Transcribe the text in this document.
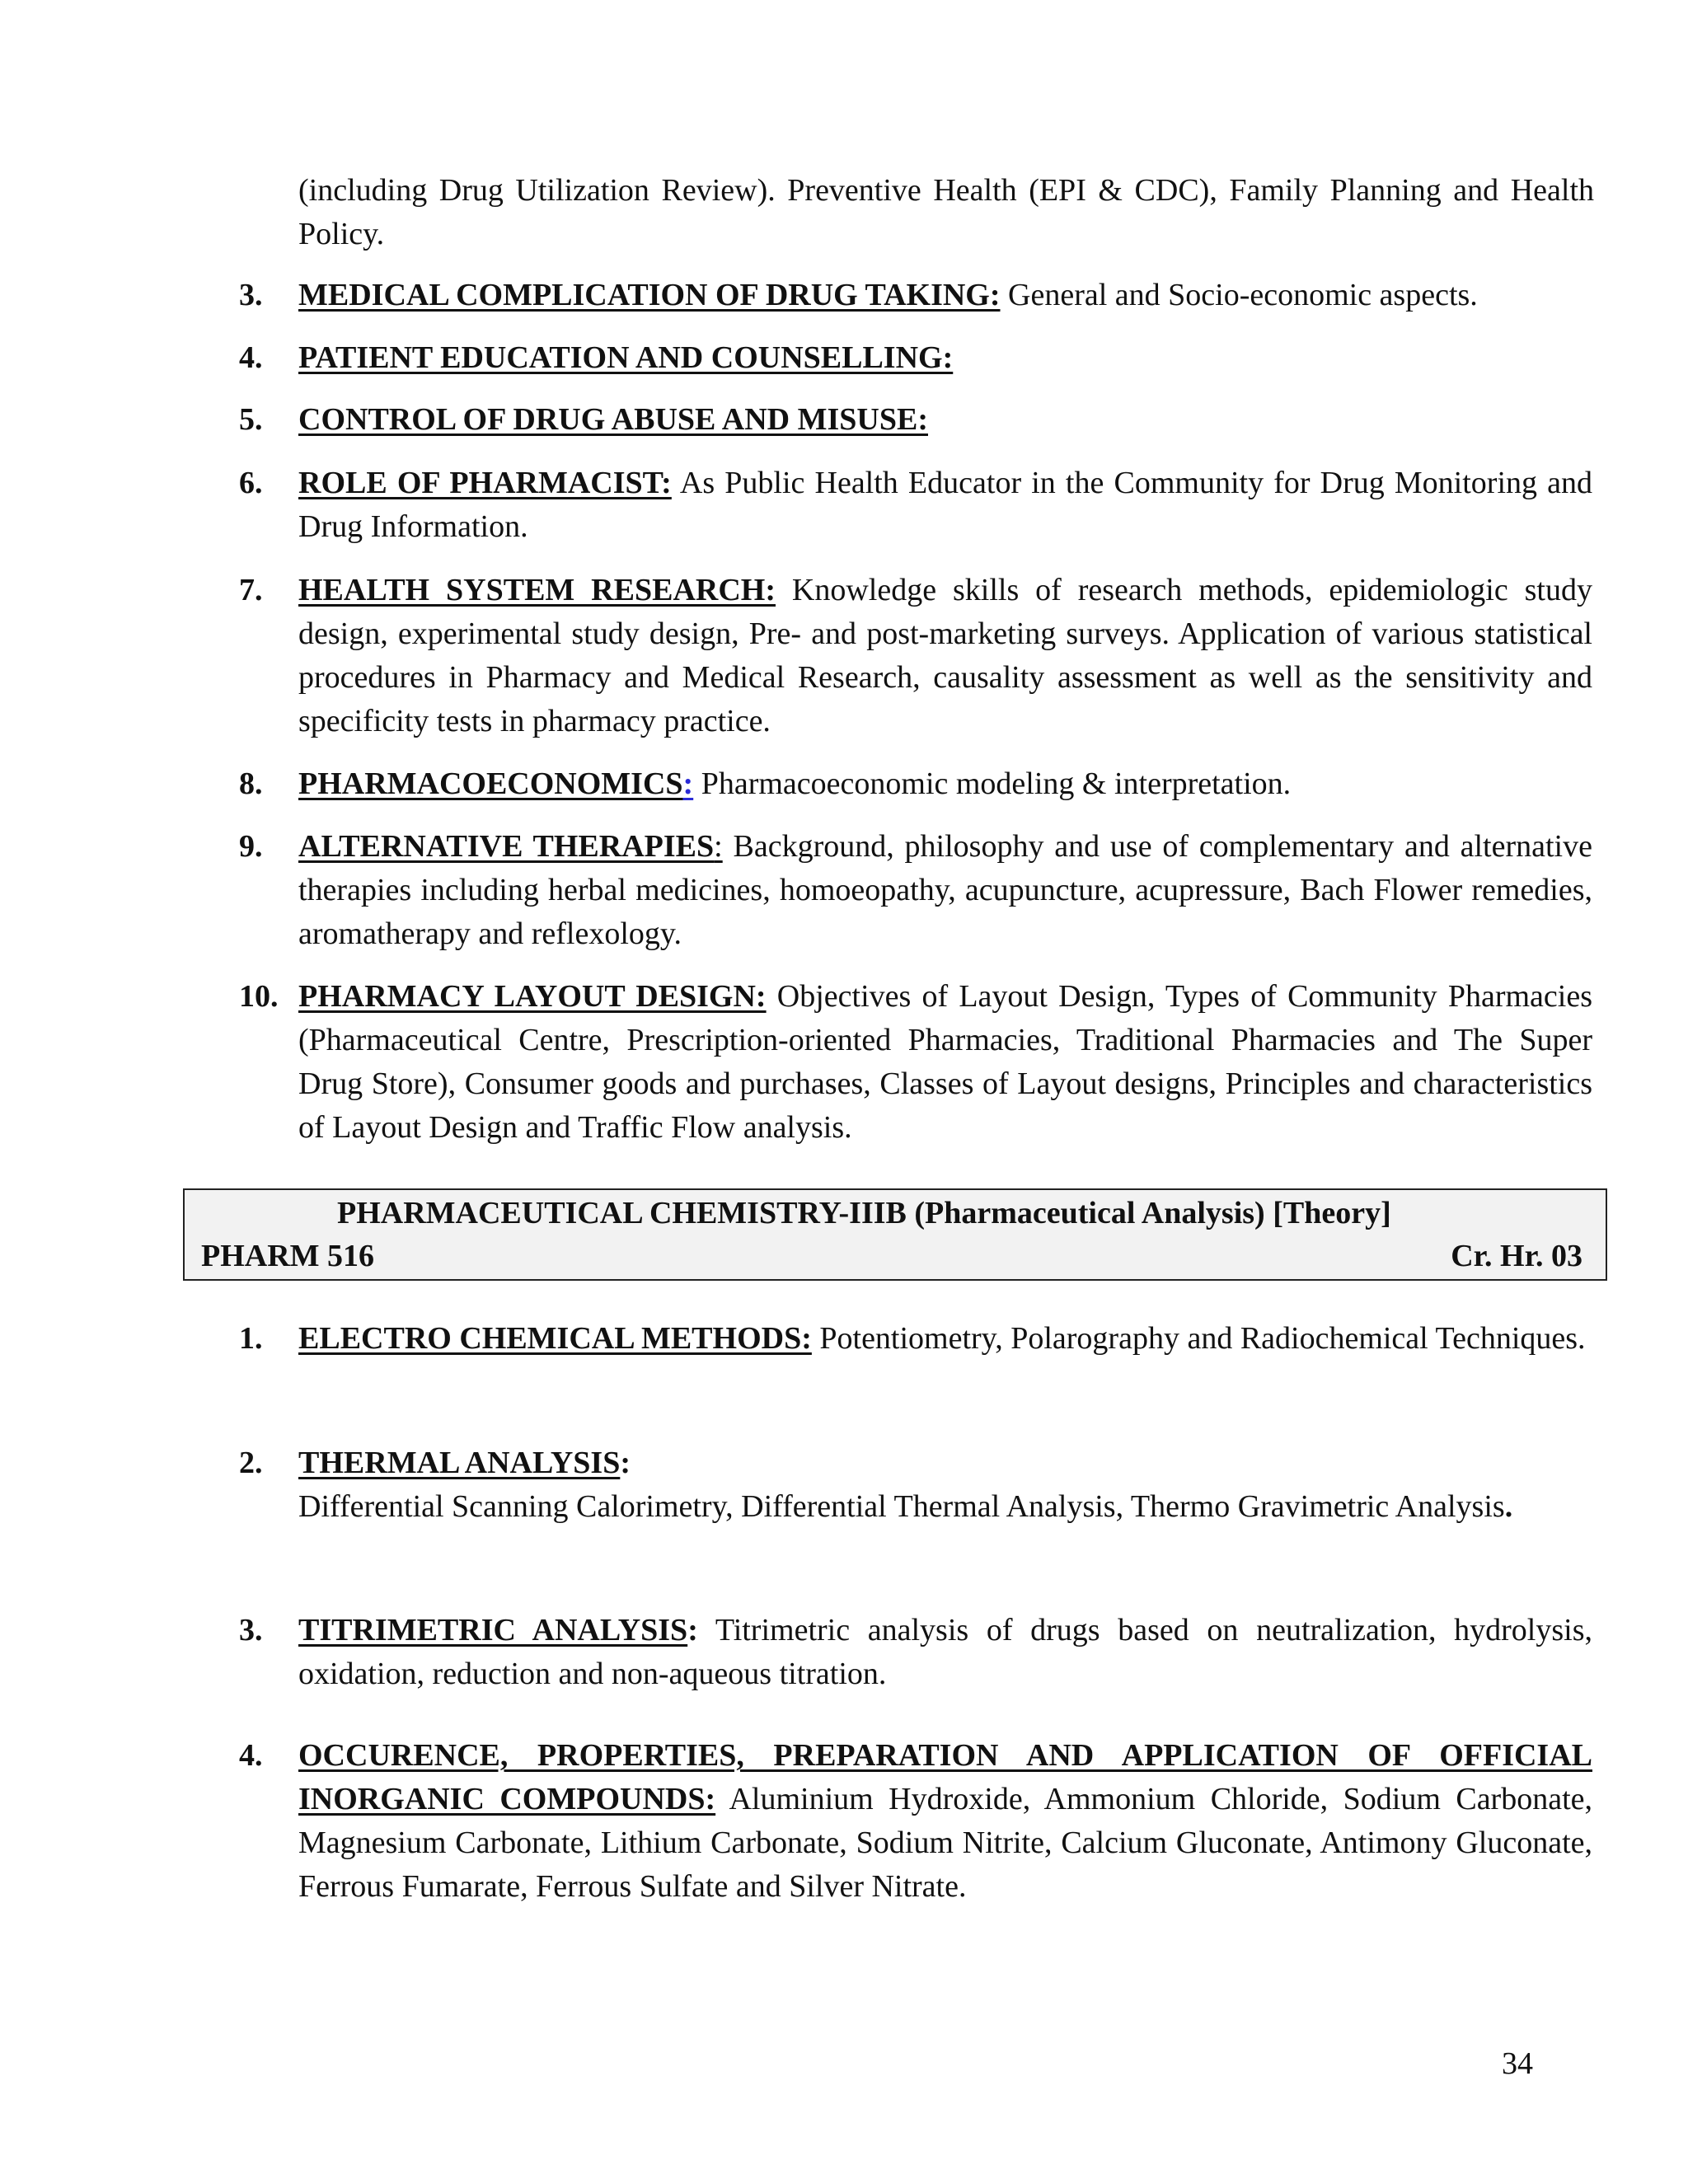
(including Drug Utilization Review). Preventive Health (EPI & CDC), Family Planning and Health Policy.
3.	MEDICAL COMPLICATION OF DRUG TAKING: General and Socio-economic aspects.
4.	PATIENT EDUCATION AND COUNSELLING:
5.	CONTROL OF DRUG ABUSE AND MISUSE:
6.	ROLE OF PHARMACIST: As Public Health Educator in the Community for Drug Monitoring and Drug Information.
7.	HEALTH SYSTEM RESEARCH: Knowledge skills of research methods, epidemiologic study design, experimental study design, Pre- and post-marketing surveys. Application of various statistical procedures in Pharmacy and Medical Research, causality assessment as well as the sensitivity and specificity tests in pharmacy practice.
8.	PHARMACOECONOMICS: Pharmacoeconomic modeling & interpretation.
9.	ALTERNATIVE THERAPIES: Background, philosophy and use of complementary and alternative therapies including herbal medicines, homoeopathy, acupuncture, acupressure, Bach Flower remedies, aromatherapy and reflexology.
10. PHARMACY LAYOUT DESIGN: Objectives of Layout Design, Types of Community Pharmacies (Pharmaceutical Centre, Prescription-oriented Pharmacies, Traditional Pharmacies and The Super Drug Store), Consumer goods and purchases, Classes of Layout designs, Principles and characteristics of Layout Design and Traffic Flow analysis.
PHARMACEUTICAL CHEMISTRY-IIIB (Pharmaceutical Analysis) [Theory]
PHARM 516	Cr. Hr. 03
1.	ELECTRO CHEMICAL METHODS: Potentiometry, Polarography and Radiochemical Techniques.
2.	THERMAL ANALYSIS:
Differential Scanning Calorimetry, Differential Thermal Analysis, Thermo Gravimetric Analysis.
3.	TITRIMETRIC ANALYSIS: Titrimetric analysis of drugs based on neutralization, hydrolysis, oxidation, reduction and non-aqueous titration.
4.	OCCURENCE, PROPERTIES, PREPARATION AND APPLICATION OF OFFICIAL INORGANIC COMPOUNDS: Aluminium Hydroxide, Ammonium Chloride, Sodium Carbonate, Magnesium Carbonate, Lithium Carbonate, Sodium Nitrite, Calcium Gluconate, Antimony Gluconate, Ferrous Fumarate, Ferrous Sulfate and Silver Nitrate.
34
